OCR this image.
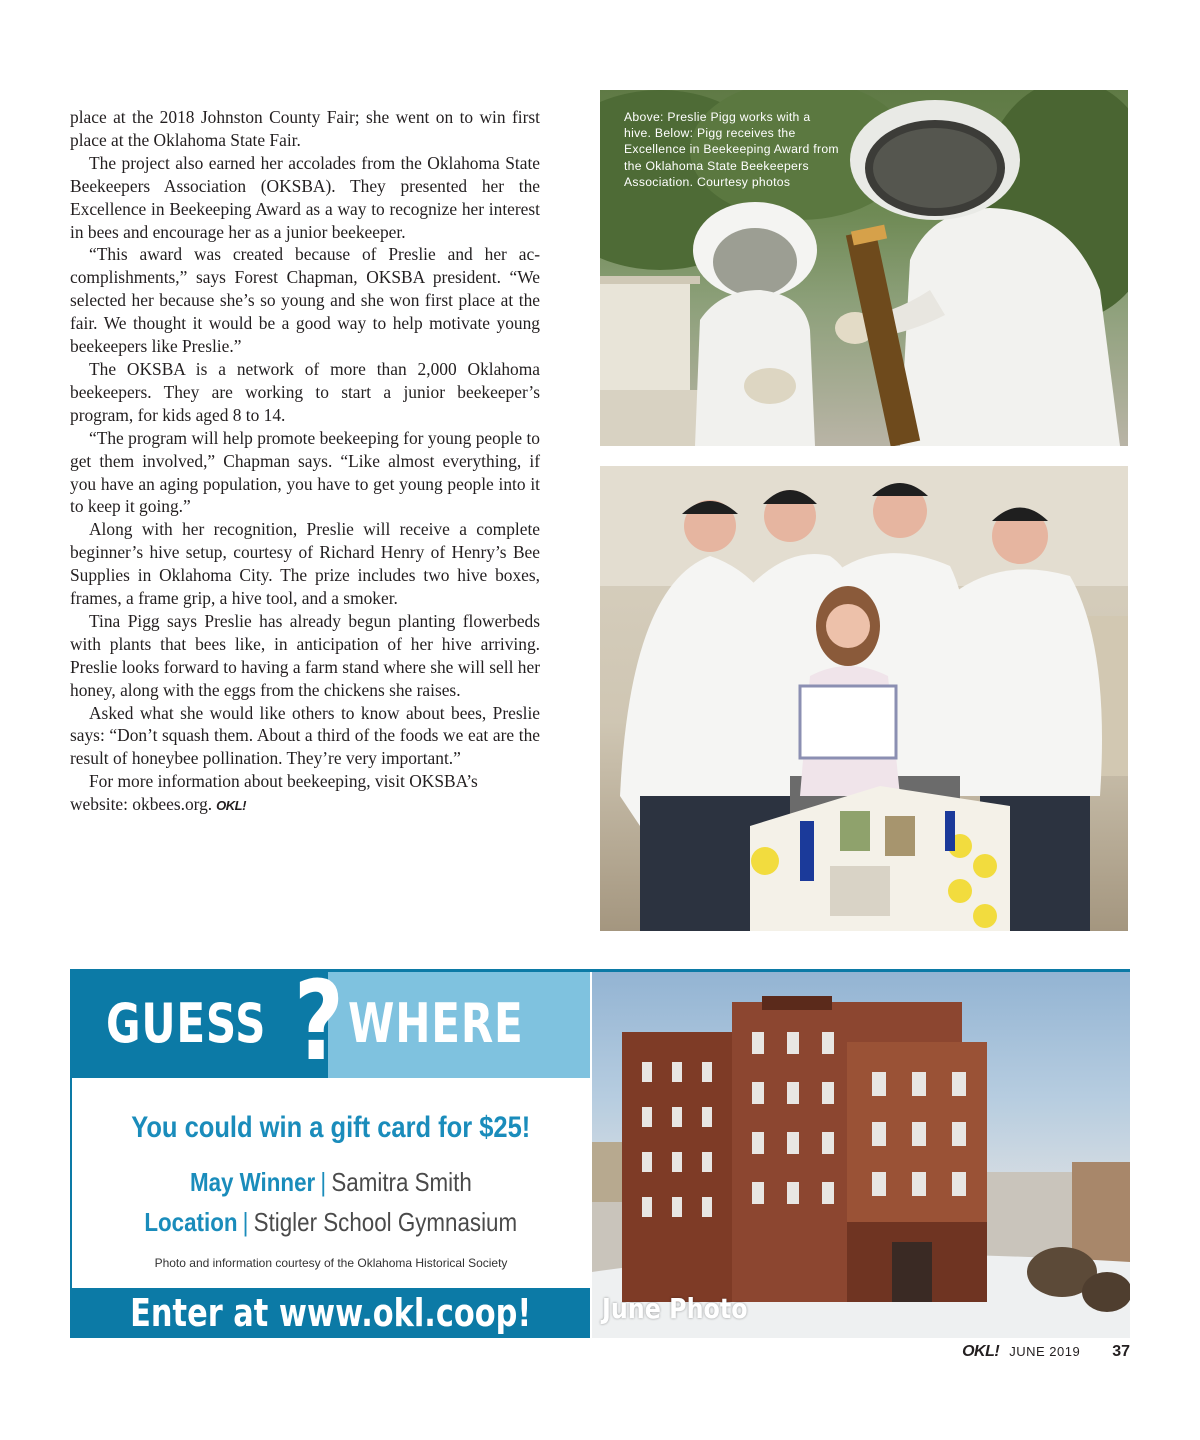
place at the 2018 Johnston County Fair; she went on to win first place at the Oklahoma State Fair.

The project also earned her accolades from the Oklahoma State Beekeepers Association (OKSBA). They presented her the Excellence in Beekeeping Award as a way to recognize her interest in bees and encourage her as a junior beekeeper.

“This award was created because of Preslie and her accomplishments,” says Forest Chapman, OKSBA president. “We selected her because she’s so young and she won first place at the fair. We thought it would be a good way to help motivate young beekeepers like Preslie.”

The OKSBA is a network of more than 2,000 Oklahoma beekeepers. They are working to start a junior beekeeper’s program, for kids aged 8 to 14.

“The program will help promote beekeeping for young people to get them involved,” Chapman says. “Like almost everything, if you have an aging population, you have to get young people into it to keep it going.”

Along with her recognition, Preslie will receive a complete beginner’s hive setup, courtesy of Richard Henry of Henry’s Bee Supplies in Oklahoma City. The prize includes two hive boxes, frames, a frame grip, a hive tool, and a smoker.

Tina Pigg says Preslie has already begun planting flowerbeds with plants that bees like, in anticipation of her hive arriving. Preslie looks forward to having a farm stand where she will sell her honey, along with the eggs from the chickens she raises.

Asked what she would like others to know about bees, Preslie says: “Don’t squash them. About a third of the foods we eat are the result of honeybee pollination. They’re very important.”

For more information about beekeeping, visit OKSBA’s website: okbees.org. OKL!

Above: Preslie Pigg works with a hive. Below: Pigg receives the Excellence in Beekeeping Award from the Oklahoma State Beekeepers Association. Courtesy photos
GUESS ? WHERE
You could win a gift card for $25!
May Winner | Samitra Smith
Location | Stigler School Gymnasium
Photo and information courtesy of the Oklahoma Historical Society
Enter at www.okl.coop!	June Photo
OKL! JUNE 2019 37
